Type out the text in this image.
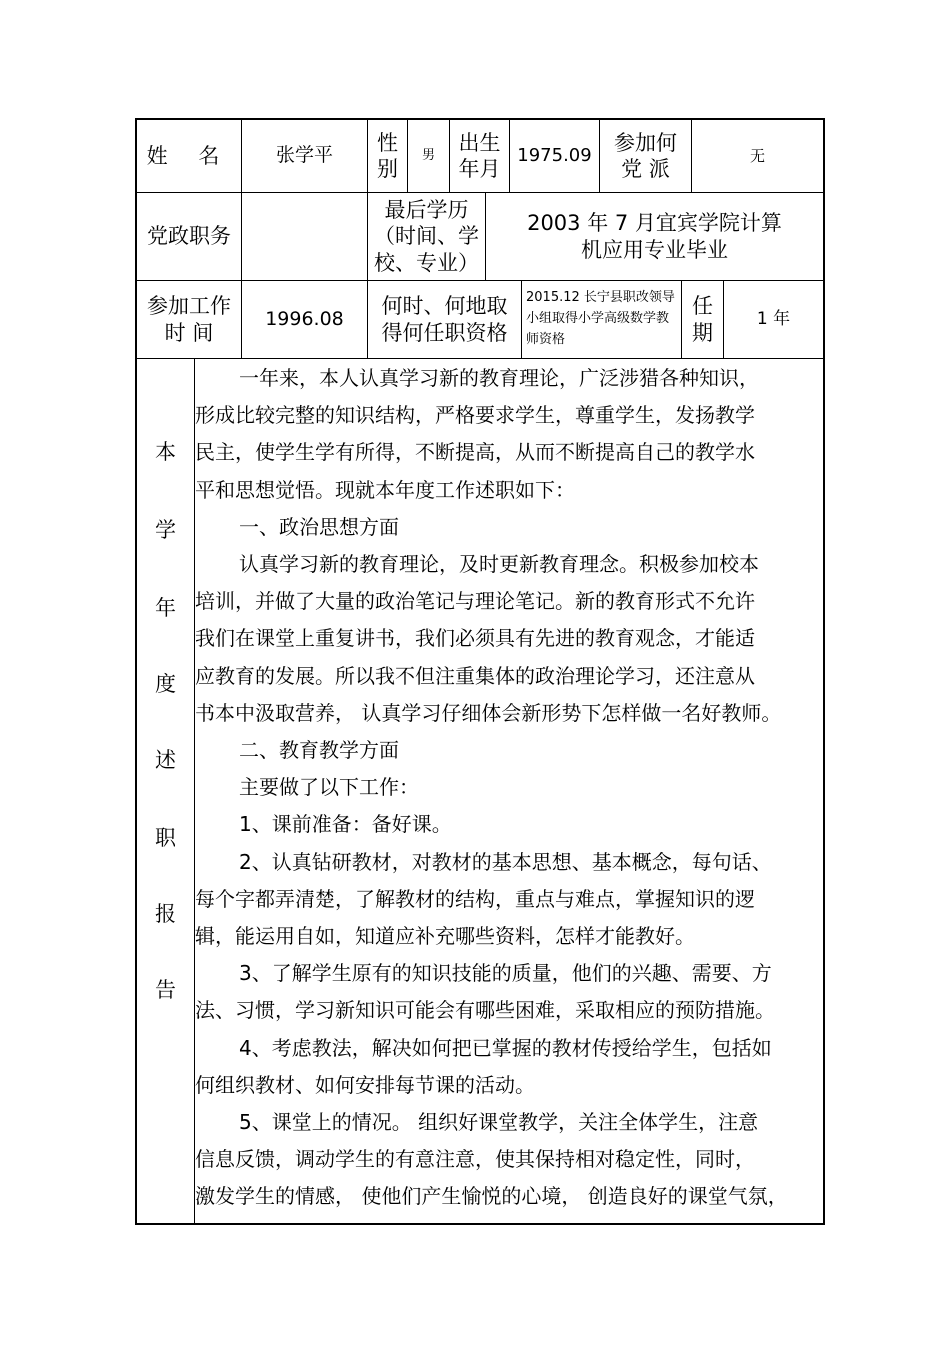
姓 名	张学平
性别
男
出生年月
1975.09
参加何党 派
无
党政职务
最后学历（时间、学校、专业）
2003 年 7 月宜宾学院计算机应用专业毕业
参加工作时 间
1996.08
何时、何地取得何任职资格
2015.12 长宁县职改领导小组取得小学高级数学教师资格
任期
1 年
本
学
年
度
述
职
报
告

一年来，本人认真学习新的教育理论，广泛涉猎各种知识，

形成比较完整的知识结构，严格要求学生，尊重学生，发扬教学

民主，使学生学有所得，不断提高，从而不断提高自己的教学水

平和思想觉悟。现就本年度工作述职如下：

一、政治思想方面

认真学习新的教育理论，及时更新教育理念。积极参加校本

培训，并做了大量的政治笔记与理论笔记。新的教育形式不允许

我们在课堂上重复讲书，我们必须具有先进的教育观念，才能适

应教育的发展。所以我不但注重集体的政治理论学习，还注意从

书本中汲取营养， 认真学习仔细体会新形势下怎样做一名好教师。

二、教育教学方面

主要做了以下工作：

1、课前准备：备好课。

2、认真钻研教材，对教材的基本思想、基本概念，每句话、

每个字都弄清楚，了解教材的结构，重点与难点，掌握知识的逻

辑，能运用自如，知道应补充哪些资料，怎样才能教好。

3、了解学生原有的知识技能的质量，他们的兴趣、需要、方

法、习惯，学习新知识可能会有哪些困难，采取相应的预防措施。

4、考虑教法，解决如何把已掌握的教材传授给学生，包括如

何组织教材、如何安排每节课的活动。

5、课堂上的情况。 组织好课堂教学，关注全体学生，注意

信息反馈，调动学生的有意注意，使其保持相对稳定性，同时，

激发学生的情感， 使他们产生愉悦的心境， 创造良好的课堂气氛，
